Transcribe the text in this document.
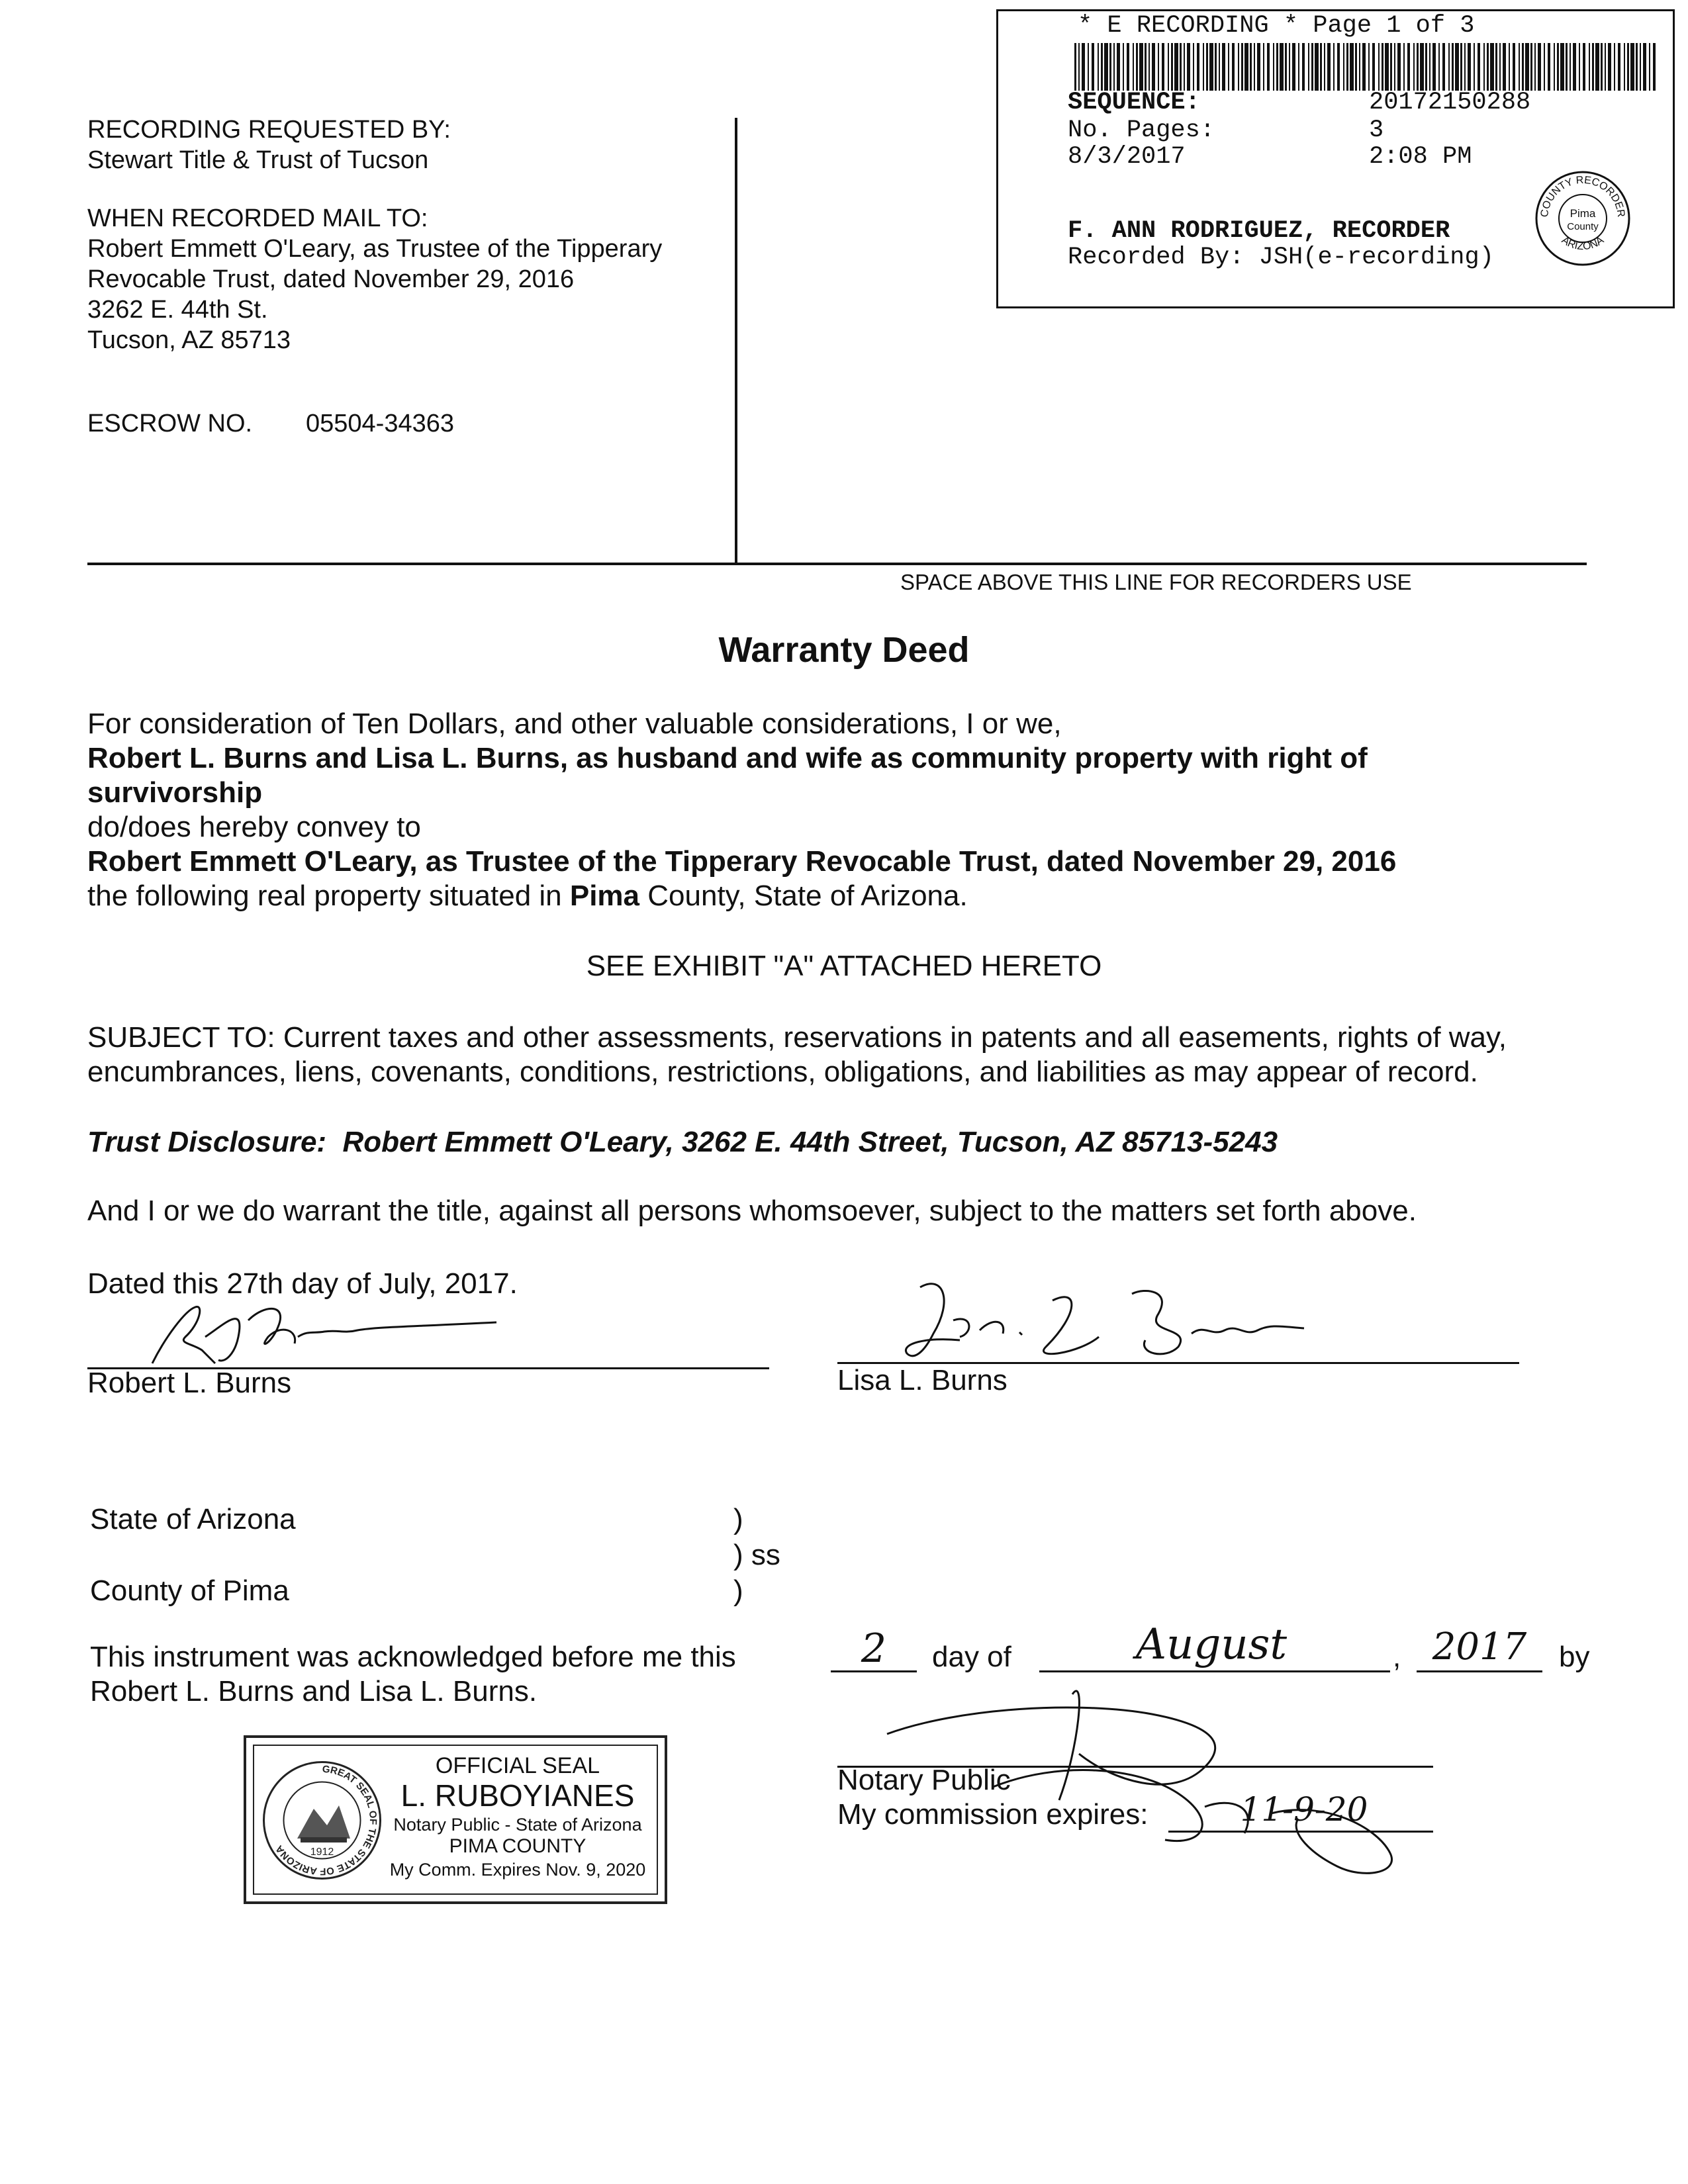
* E RECORDING * Page 1 of 3
SEQUENCE:	20172150288
No. Pages:	3
8/3/2017	2:08 PM
F. ANN RODRIGUEZ, RECORDER
Recorded By: JSH(e-recording)
COUNTY RECORDER
ARIZONA
Pima
County
RECORDING REQUESTED BY:
Stewart Title & Trust of Tucson
WHEN RECORDED MAIL TO:
Robert Emmett O'Leary, as Trustee of the Tipperary
Revocable Trust, dated November 29, 2016
3262 E. 44th St.
Tucson, AZ 85713
ESCROW NO. 05504-34363
SPACE ABOVE THIS LINE FOR RECORDERS USE
Warranty Deed
For consideration of Ten Dollars, and other valuable considerations, I or we,
Robert L. Burns and Lisa L. Burns, as husband and wife as community property with right of
survivorship
do/does hereby convey to
Robert Emmett O'Leary, as Trustee of the Tipperary Revocable Trust, dated November 29, 2016
the following real property situated in Pima County, State of Arizona.
SEE EXHIBIT "A" ATTACHED HERETO
SUBJECT TO: Current taxes and other assessments, reservations in patents and all easements, rights of way,
encumbrances, liens, covenants, conditions, restrictions, obligations, and liabilities as may appear of record.
Trust Disclosure: Robert Emmett O'Leary, 3262 E. 44th Street, Tucson, AZ 85713-5243
And I or we do warrant the title, against all persons whomsoever, subject to the matters set forth above.
Dated this 27th day of July, 2017.
Robert L. Burns	Lisa L. Burns
State of Arizona
County of Pima
)
) ss
)
This instrument was acknowledged before me this	2	day of	August	, 2017	by
Robert L. Burns and Lisa L. Burns.
Notary Public
My commission expires:	11-9-20
GREAT SEAL OF THE STATE OF ARIZONA	1912
OFFICIAL SEAL
L. RUBOYIANES
Notary Public - State of Arizona
PIMA COUNTY
My Comm. Expires Nov. 9, 2020
